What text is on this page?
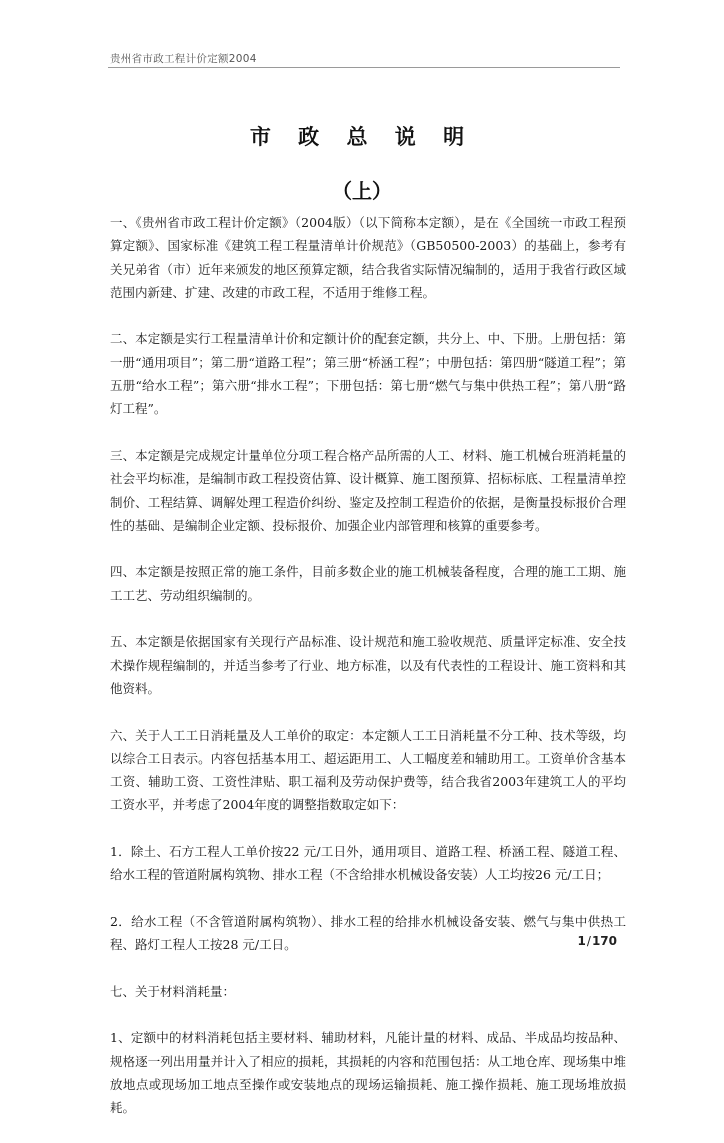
贵州省市政工程计价定额2004
市 政 总 说 明
（上）

一、《贵州省市政工程计价定额》（2004版）（以下简称本定额），是在《全国统一市政工程预算定额》、国家标准《建筑工程工程量清单计价规范》（GB50500-2003）的基础上，参考有关兄弟省（市）近年来颁发的地区预算定额，结合我省实际情况编制的，适用于我省行政区域范围内新建、扩建、改建的市政工程，不适用于维修工程。

二、本定额是实行工程量清单计价和定额计价的配套定额，共分上、中、下册。上册包括：第一册“通用项目”；第二册“道路工程”；第三册“桥涵工程”；中册包括：第四册“隧道工程”；第五册“给水工程”；第六册“排水工程”；下册包括：第七册“燃气与集中供热工程”；第八册“路灯工程”。

三、本定额是完成规定计量单位分项工程合格产品所需的人工、材料、施工机械台班消耗量的社会平均标准，是编制市政工程投资估算、设计概算、施工图预算、招标标底、工程量清单控制价、工程结算、调解处理工程造价纠纷、鉴定及控制工程造价的依据，是衡量投标报价合理性的基础、是编制企业定额、投标报价、加强企业内部管理和核算的重要参考。

四、本定额是按照正常的施工条件，目前多数企业的施工机械装备程度，合理的施工工期、施工工艺、劳动组织编制的。

五、本定额是依据国家有关现行产品标准、设计规范和施工验收规范、质量评定标准、安全技术操作规程编制的，并适当参考了行业、地方标准，以及有代表性的工程设计、施工资料和其他资料。

六、关于人工工日消耗量及人工单价的取定：本定额人工工日消耗量不分工种、技术等级，均以综合工日表示。内容包括基本用工、超运距用工、人工幅度差和辅助用工。工资单价含基本工资、辅助工资、工资性津贴、职工福利及劳动保护费等，结合我省2003年建筑工人的平均工资水平，并考虑了2004年度的调整指数取定如下：

1．除土、石方工程人工单价按22 元/工日外，通用项目、道路工程、桥涵工程、隧道工程、给水工程的管道附属构筑物、排水工程（不含给排水机械设备安装）人工均按26 元/工日；

2．给水工程（不含管道附属构筑物）、排水工程的给排水机械设备安装、燃气与集中供热工程、路灯工程人工按28 元/工日。

七、关于材料消耗量：

1、定额中的材料消耗包括主要材料、辅助材料，凡能计量的材料、成品、半成品均按品种、规格逐一列出用量并计入了相应的损耗，其损耗的内容和范围包括：从工地仓库、现场集中堆放地点或现场加工地点至操作或安装地点的现场运输损耗、施工操作损耗、施工现场堆放损耗。

1/170
